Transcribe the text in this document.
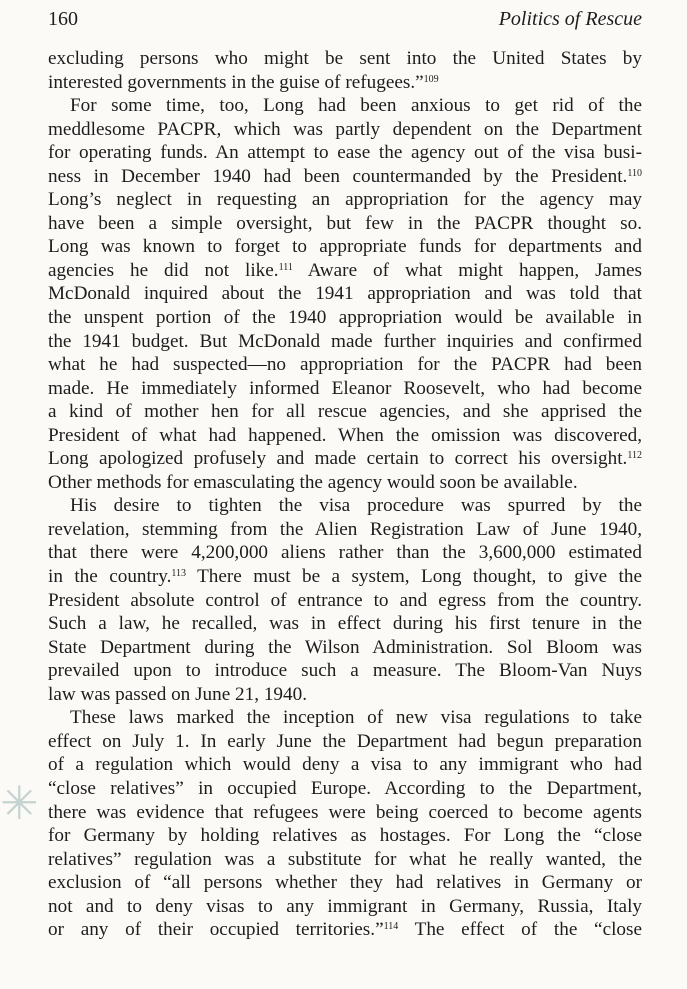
160	Politics of Rescue
✳
excluding persons who might be sent into the United States by
interested governments in the guise of refugees.”$^{109}$
For some time, too, Long had been anxious to get rid of the
meddlesome PACPR, which was partly dependent on the Department
for operating funds. An attempt to ease the agency out of the visa busi-
ness in December 1940 had been countermanded by the President.$^{110}$
Long’s neglect in requesting an appropriation for the agency may
have been a simple oversight, but few in the PACPR thought so.
Long was known to forget to appropriate funds for departments and
agencies he did not like.$^{111}$ Aware of what might happen, James
McDonald inquired about the 1941 appropriation and was told that
the unspent portion of the 1940 appropriation would be available in
the 1941 budget. But McDonald made further inquiries and confirmed
what he had suspected—no appropriation for the PACPR had been
made. He immediately informed Eleanor Roosevelt, who had become
a kind of mother hen for all rescue agencies, and she apprised the
President of what had happened. When the omission was discovered,
Long apologized profusely and made certain to correct his oversight.$^{112}$
Other methods for emasculating the agency would soon be available.
His desire to tighten the visa procedure was spurred by the
revelation, stemming from the Alien Registration Law of June 1940,
that there were 4,200,000 aliens rather than the 3,600,000 estimated
in the country.$^{113}$ There must be a system, Long thought, to give the
President absolute control of entrance to and egress from the country.
Such a law, he recalled, was in effect during his first tenure in the
State Department during the Wilson Administration. Sol Bloom was
prevailed upon to introduce such a measure. The Bloom-Van Nuys
law was passed on June 21, 1940.
These laws marked the inception of new visa regulations to take
effect on July 1. In early June the Department had begun preparation
of a regulation which would deny a visa to any immigrant who had
“close relatives” in occupied Europe. According to the Department,
there was evidence that refugees were being coerced to become agents
for Germany by holding relatives as hostages. For Long the “close
relatives” regulation was a substitute for what he really wanted, the
exclusion of “all persons whether they had relatives in Germany or
not and to deny visas to any immigrant in Germany, Russia, Italy
or any of their occupied territories.”$^{114}$ The effect of the “close
